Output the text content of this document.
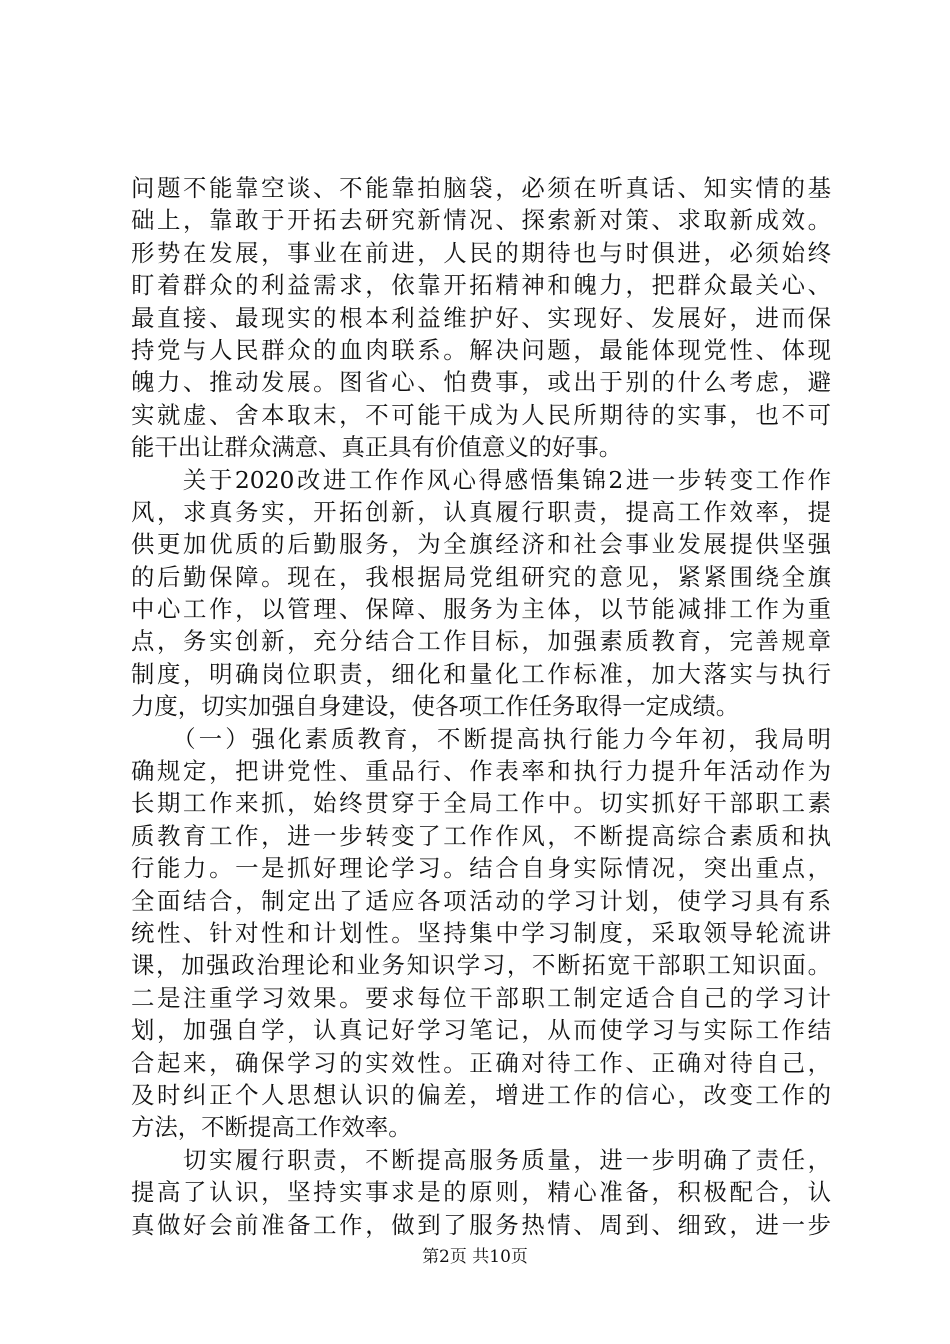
问题不能靠空谈、不能靠拍脑袋，必须在听真话、知实情的基
础上，靠敢于开拓去研究新情况、探索新对策、求取新成效。
形势在发展，事业在前进，人民的期待也与时俱进，必须始终
盯着群众的利益需求，依靠开拓精神和魄力，把群众最关心、
最直接、最现实的根本利益维护好、实现好、发展好，进而保
持党与人民群众的血肉联系。解决问题，最能体现党性、体现
魄力、推动发展。图省心、怕费事，或出于别的什么考虑，避
实就虚、舍本取末，不可能干成为人民所期待的实事，也不可
能干出让群众满意、真正具有价值意义的好事。
　　关于2020改进工作作风心得感悟集锦2进一步转变工作作
风，求真务实，开拓创新，认真履行职责，提高工作效率，提
供更加优质的后勤服务，为全旗经济和社会事业发展提供坚强
的后勤保障。现在，我根据局党组研究的意见，紧紧围绕全旗
中心工作，以管理、保障、服务为主体，以节能减排工作为重
点，务实创新，充分结合工作目标，加强素质教育，完善规章
制度，明确岗位职责，细化和量化工作标准，加大落实与执行
力度，切实加强自身建设，使各项工作任务取得一定成绩。
　　（一）强化素质教育，不断提高执行能力今年初，我局明
确规定，把讲党性、重品行、作表率和执行力提升年活动作为
长期工作来抓，始终贯穿于全局工作中。切实抓好干部职工素
质教育工作，进一步转变了工作作风，不断提高综合素质和执
行能力。一是抓好理论学习。结合自身实际情况，突出重点，
全面结合，制定出了适应各项活动的学习计划，使学习具有系
统性、针对性和计划性。坚持集中学习制度，采取领导轮流讲
课，加强政治理论和业务知识学习，不断拓宽干部职工知识面。
二是注重学习效果。要求每位干部职工制定适合自己的学习计
划，加强自学，认真记好学习笔记，从而使学习与实际工作结
合起来，确保学习的实效性。正确对待工作、正确对待自己，
及时纠正个人思想认识的偏差，增进工作的信心，改变工作的
方法，不断提高工作效率。
　　切实履行职责，不断提高服务质量，进一步明确了责任，
提高了认识，坚持实事求是的原则，精心准备，积极配合，认
真做好会前准备工作，做到了服务热情、周到、细致，进一步
第2页 共10页
